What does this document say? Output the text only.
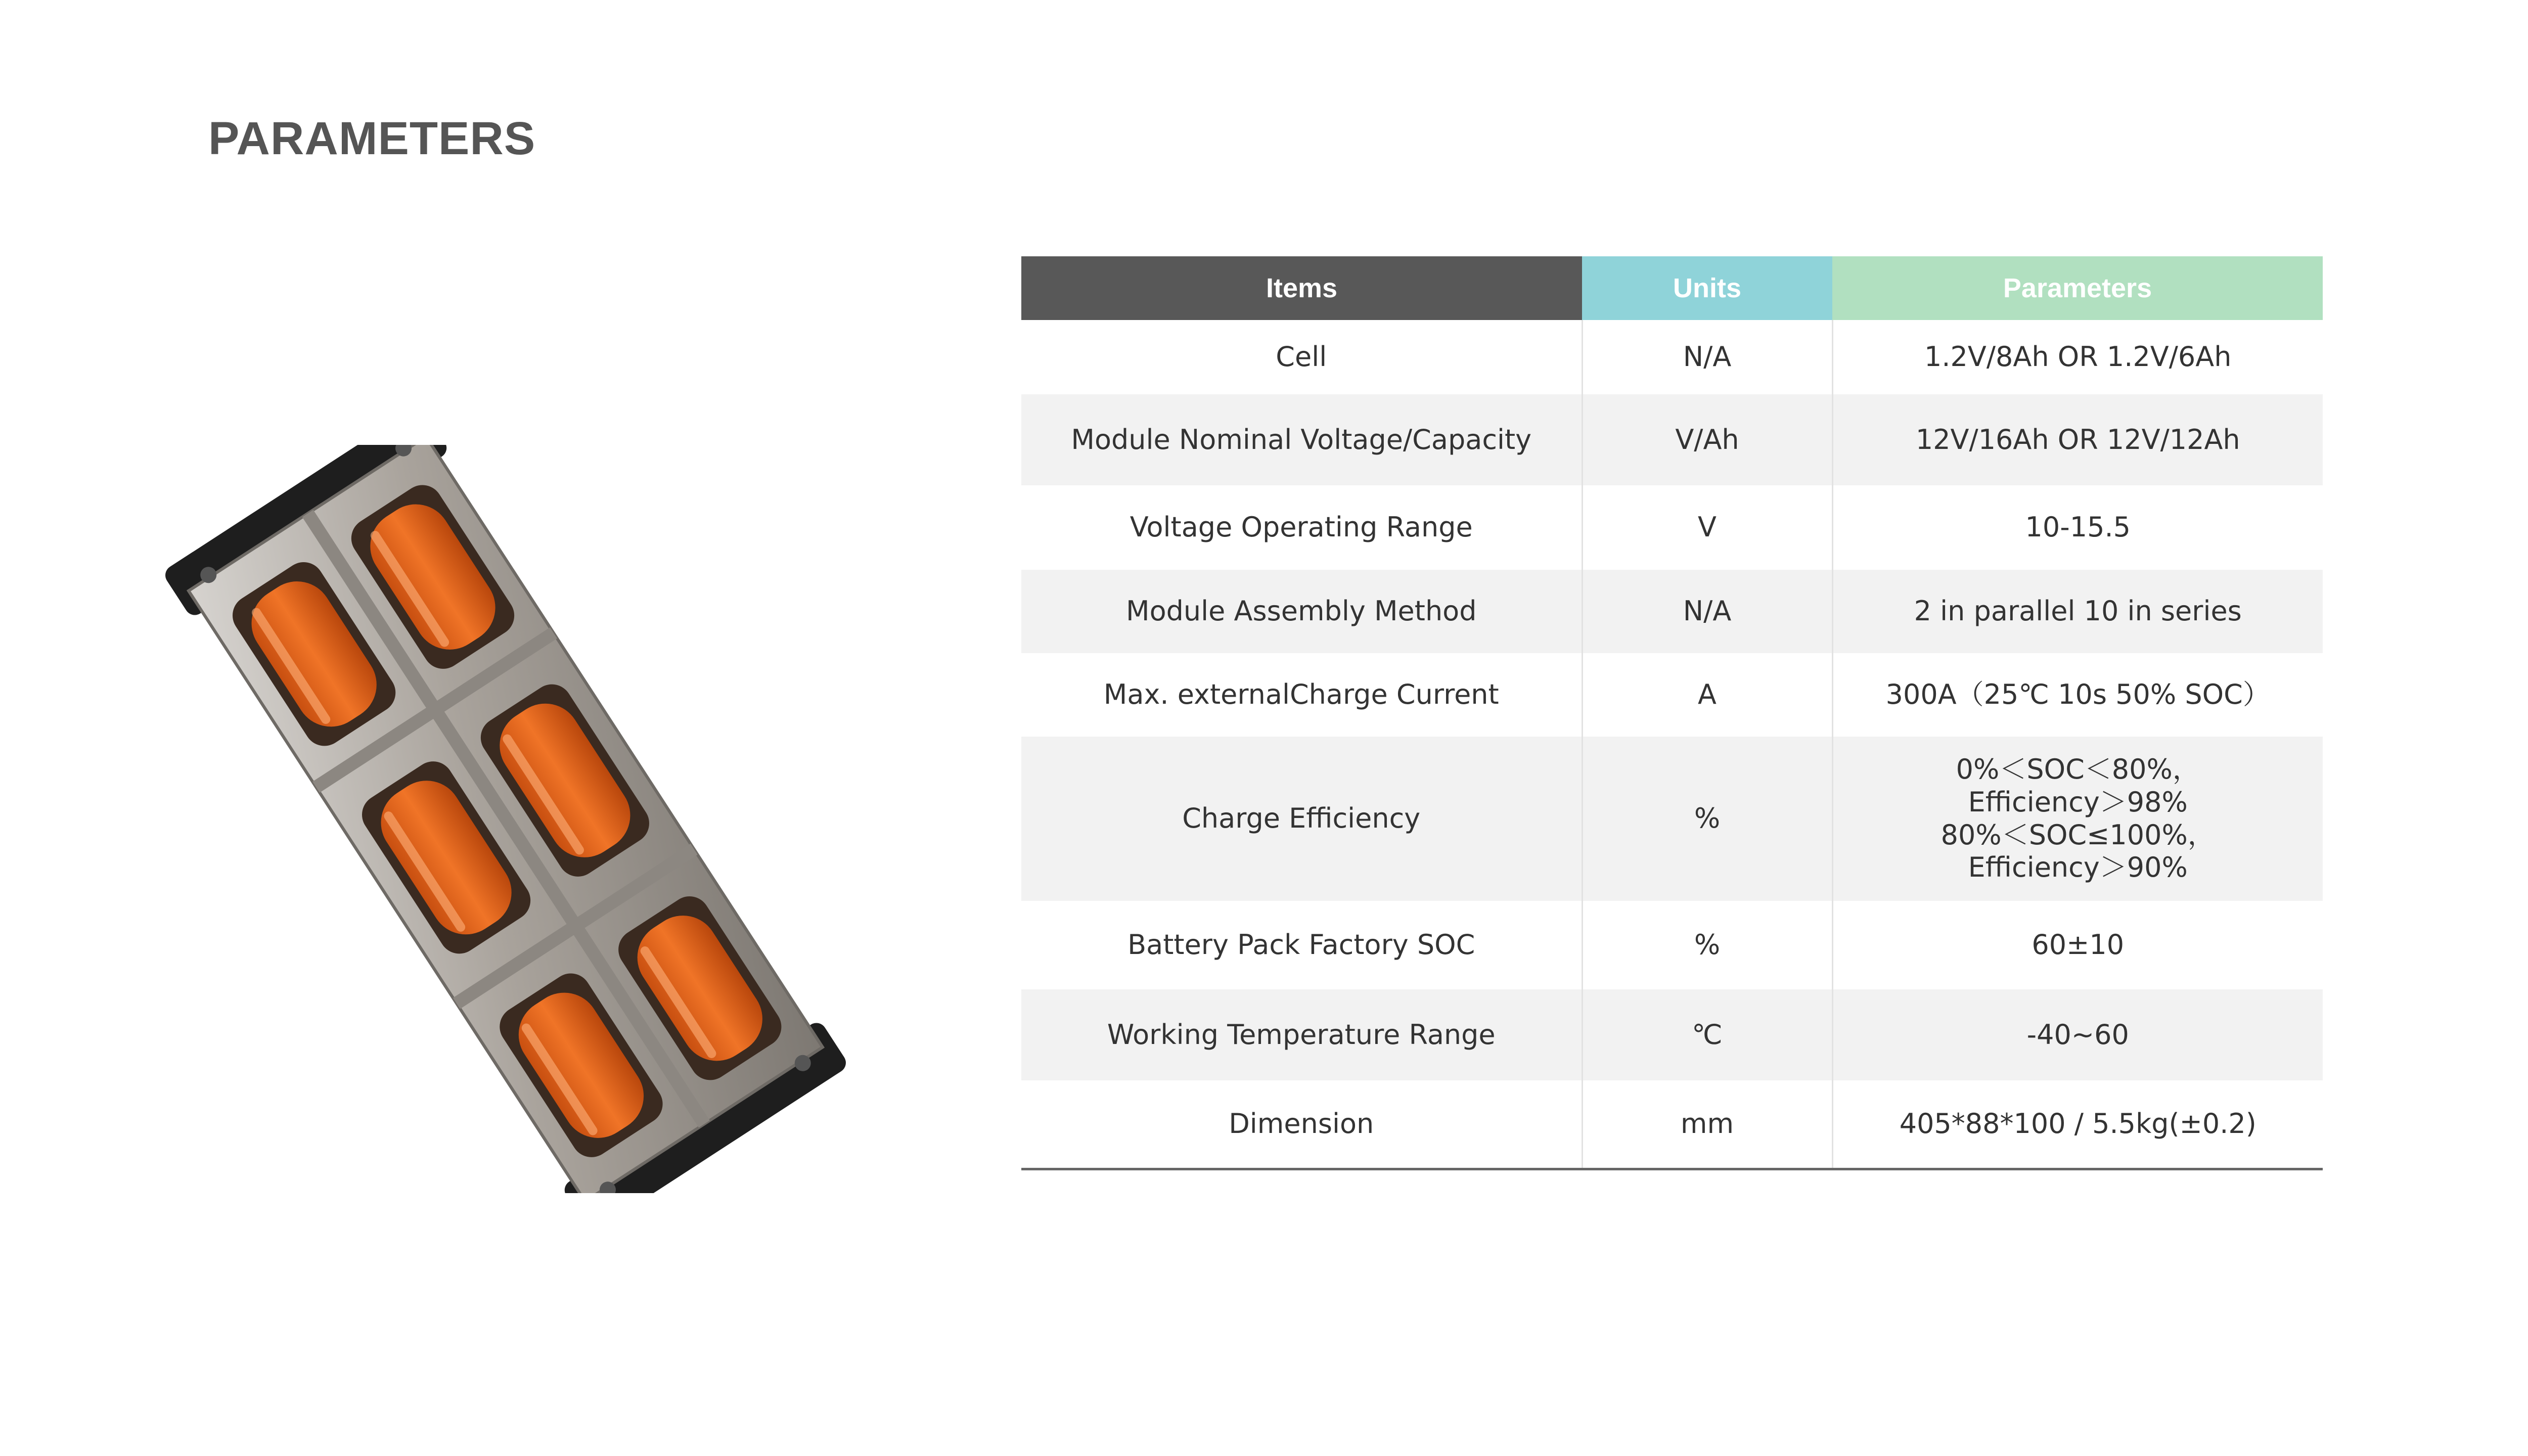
PARAMETERS
Items	Units	Parameters
Cell	N/A	1.2V/8Ah OR 1.2V/6Ah
Module Nominal Voltage/Capacity	V/Ah	12V/16Ah OR 12V/12Ah
Voltage Operating Range	V	10-15.5
Module Assembly Method	N/A	2 in parallel 10 in series
Max. externalCharge Current	A	300A（25℃ 10s 50% SOC）
Charge Efficiency	%	0%＜SOC＜80%，
Efficiency＞98%
80%＜SOC≤100%，
Efficiency＞90%
Battery Pack Factory SOC	%	60±10
Working Temperature Range	℃	-40~60
Dimension	mm	405*88*100 / 5.5kg(±0.2)
